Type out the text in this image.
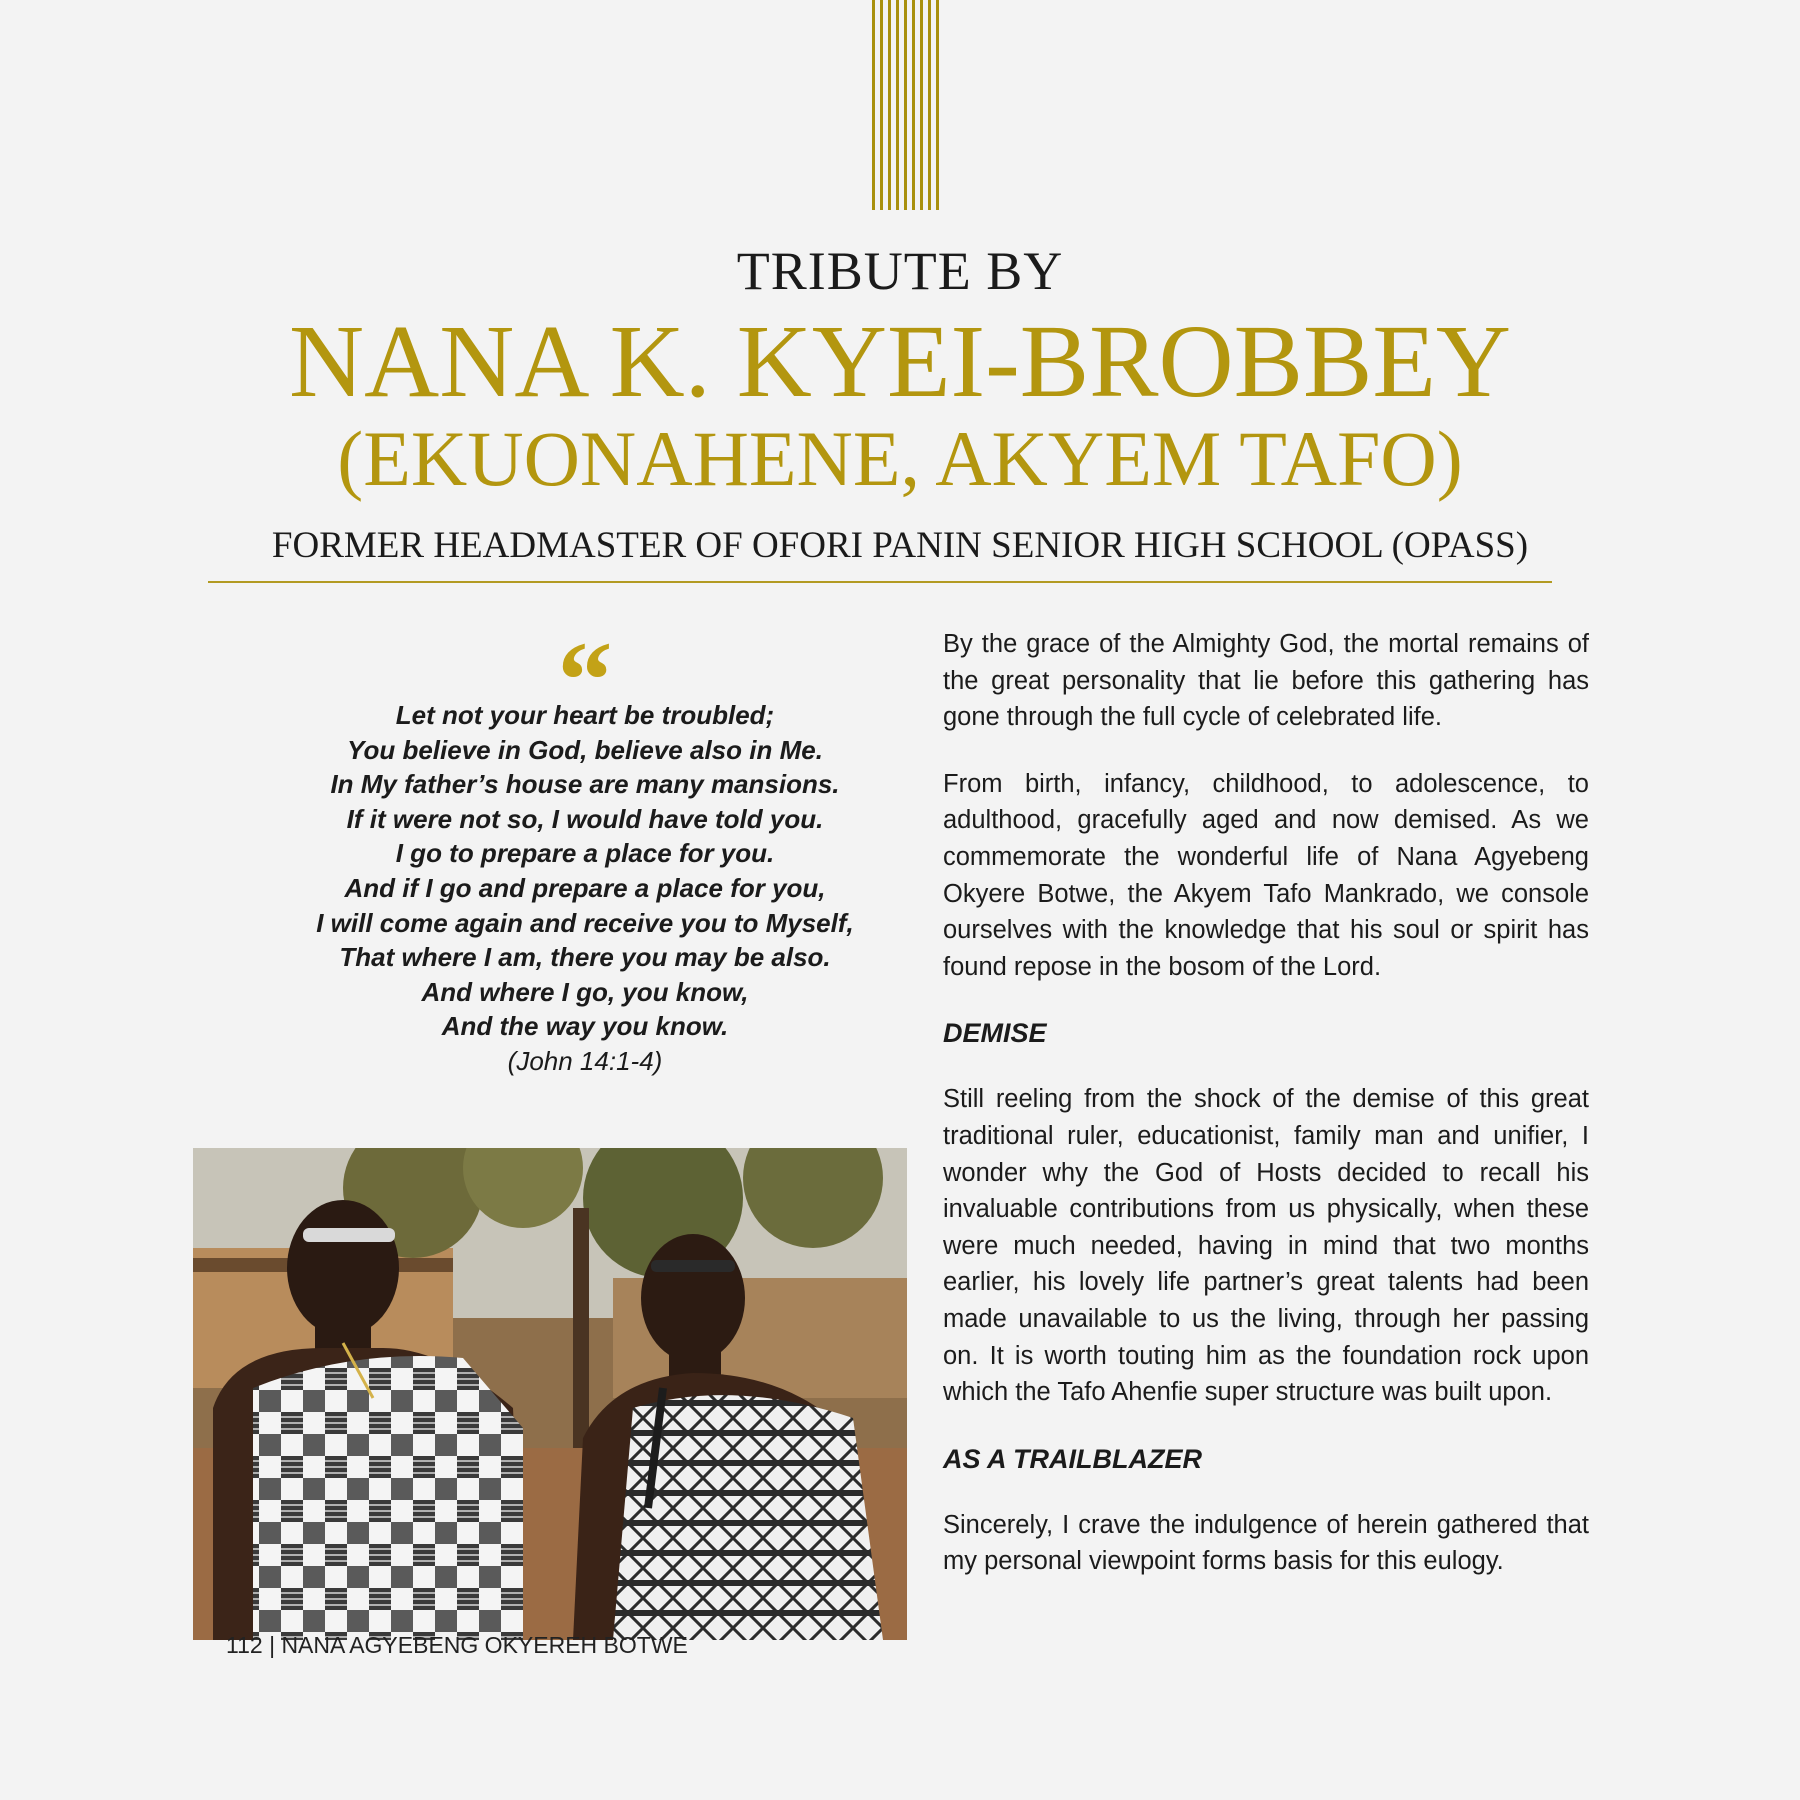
TRIBUTE BY
NANA K. KYEI-BROBBEY
(EKUONAHENE, AKYEM TAFO)
FORMER HEADMASTER OF OFORI PANIN SENIOR HIGH SCHOOL (OPASS)
“
Let not your heart be troubled;
You believe in God, believe also in Me.
In My father’s house are many mansions.
If it were not so, I would have told you.
I go to prepare a place for you.
And if I go and prepare a place for you,
I will come again and receive you to Myself,
That where I am, there you may be also.
And where I go, you know,
And the way you know.
(John 14:1-4)
112 | NANA AGYEBENG OKYEREH BOTWE

By the grace of the Almighty God, the mortal remains of the great personality that lie before this gathering has gone through the full cycle of celebrated life.

From birth, infancy, childhood, to adolescence, to adulthood, gracefully aged and now demised. As we commemorate the wonderful life of Nana Agyebeng Okyere Botwe, the Akyem Tafo Mankrado, we console ourselves with the knowledge that his soul or spirit has found repose in the bosom of the Lord.

DEMISE

Still reeling from the shock of the demise of this great traditional ruler, educationist, family man and unifier, I wonder why the God of Hosts decided to recall his invaluable contributions from us physically, when these were much needed, having in mind that two months earlier, his lovely life partner’s great talents had been made unavailable to us the living, through her passing on. It is worth touting him as the foundation rock upon which the Tafo Ahenfie super structure was built upon.

AS A TRAILBLAZER

Sincerely, I crave the indulgence of herein gathered that my personal viewpoint forms basis for this eulogy.
